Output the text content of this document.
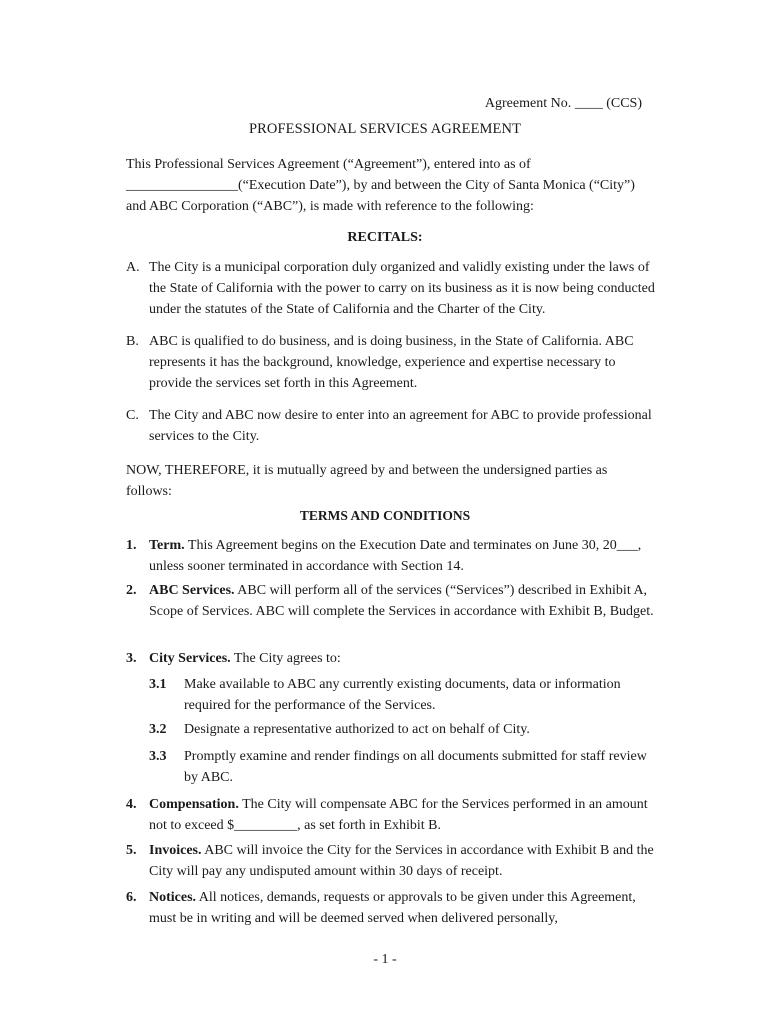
Agreement No. ____ (CCS)
PROFESSIONAL SERVICES AGREEMENT
This Professional Services Agreement (“Agreement”), entered into as of ________________(“Execution Date”), by and between the City of Santa Monica (“City”) and ABC Corporation (“ABC”), is made with reference to the following:
RECITALS:
A. The City is a municipal corporation duly organized and validly existing under the laws of the State of California with the power to carry on its business as it is now being conducted under the statutes of the State of California and the Charter of the City.
B. ABC is qualified to do business, and is doing business, in the State of California. ABC represents it has the background, knowledge, experience and expertise necessary to provide the services set forth in this Agreement.
C. The City and ABC now desire to enter into an agreement for ABC to provide professional services to the City.
NOW, THEREFORE, it is mutually agreed by and between the undersigned parties as follows:
TERMS AND CONDITIONS
1. Term. This Agreement begins on the Execution Date and terminates on June 30, 20___, unless sooner terminated in accordance with Section 14.
2. ABC Services. ABC will perform all of the services (“Services”) described in Exhibit A, Scope of Services. ABC will complete the Services in accordance with Exhibit B, Budget.
3. City Services. The City agrees to:
3.1 Make available to ABC any currently existing documents, data or information required for the performance of the Services.
3.2 Designate a representative authorized to act on behalf of City.
3.3 Promptly examine and render findings on all documents submitted for staff review by ABC.
4. Compensation. The City will compensate ABC for the Services performed in an amount not to exceed $_________, as set forth in Exhibit B.
5. Invoices. ABC will invoice the City for the Services in accordance with Exhibit B and the City will pay any undisputed amount within 30 days of receipt.
6. Notices. All notices, demands, requests or approvals to be given under this Agreement, must be in writing and will be deemed served when delivered personally,
- 1 -
